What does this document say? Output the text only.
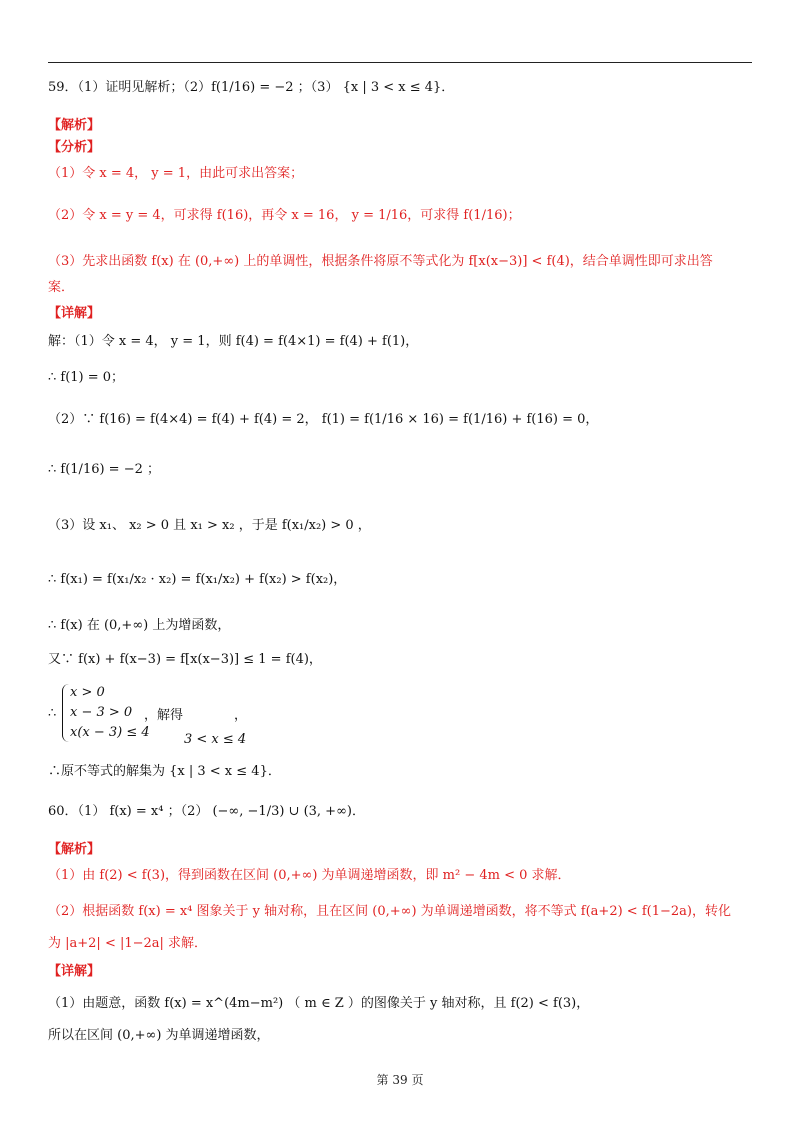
59．（1）证明见解析；（2）f(1/16) = −2 ；（3） {x | 3 < x ≤ 4}．
【解析】
【分析】
（1）令 x = 4， y = 1，由此可求出答案；
（2）令 x = y = 4，可求得 f(16)，再令 x = 16， y = 1/16，可求得 f(1/16)；
（3）先求出函数 f(x) 在 (0,+∞) 上的单调性，根据条件将原不等式化为 f[x(x−3)] < f(4)，结合单调性即可求出答
案．
【详解】
解：（1）令 x = 4， y = 1，则 f(4) = f(4×1) = f(4) + f(1)，
∴ f(1) = 0；
（2）∵ f(16) = f(4×4) = f(4) + f(4) = 2， f(1) = f(1/16 × 16) = f(1/16) + f(16) = 0，
∴ f(1/16) = −2 ；
（3）设 x₁、 x₂ > 0 且 x₁ > x₂ ，于是 f(x₁/x₂) > 0 ，
∴ f(x₁) = f(x₁/x₂ · x₂) = f(x₁/x₂) + f(x₂) > f(x₂)，
∴ f(x) 在 (0,+∞) 上为增函数，
又∵ f(x) + f(x−3) = f[x(x−3)] ≤ 1 = f(4)，
∴
x > 0
x − 3 > 0
x(x − 3) ≤ 4
，解得
3 < x ≤ 4
，
∴原不等式的解集为 {x | 3 < x ≤ 4}．
60．（1） f(x) = x⁴ ；（2） (−∞, −1/3) ∪ (3, +∞)．
【解析】
（1）由 f(2) < f(3)，得到函数在区间 (0,+∞) 为单调递增函数，即 m² − 4m < 0 求解．
（2）根据函数 f(x) = x⁴ 图象关于 y 轴对称，且在区间 (0,+∞) 为单调递增函数，将不等式 f(a+2) < f(1−2a)，转化
为 |a+2| < |1−2a| 求解．
【详解】
（1）由题意，函数 f(x) = x^(4m−m²) （ m ∈ Z ）的图像关于 y 轴对称，且 f(2) < f(3)，
所以在区间 (0,+∞) 为单调递增函数，
第 39 页
